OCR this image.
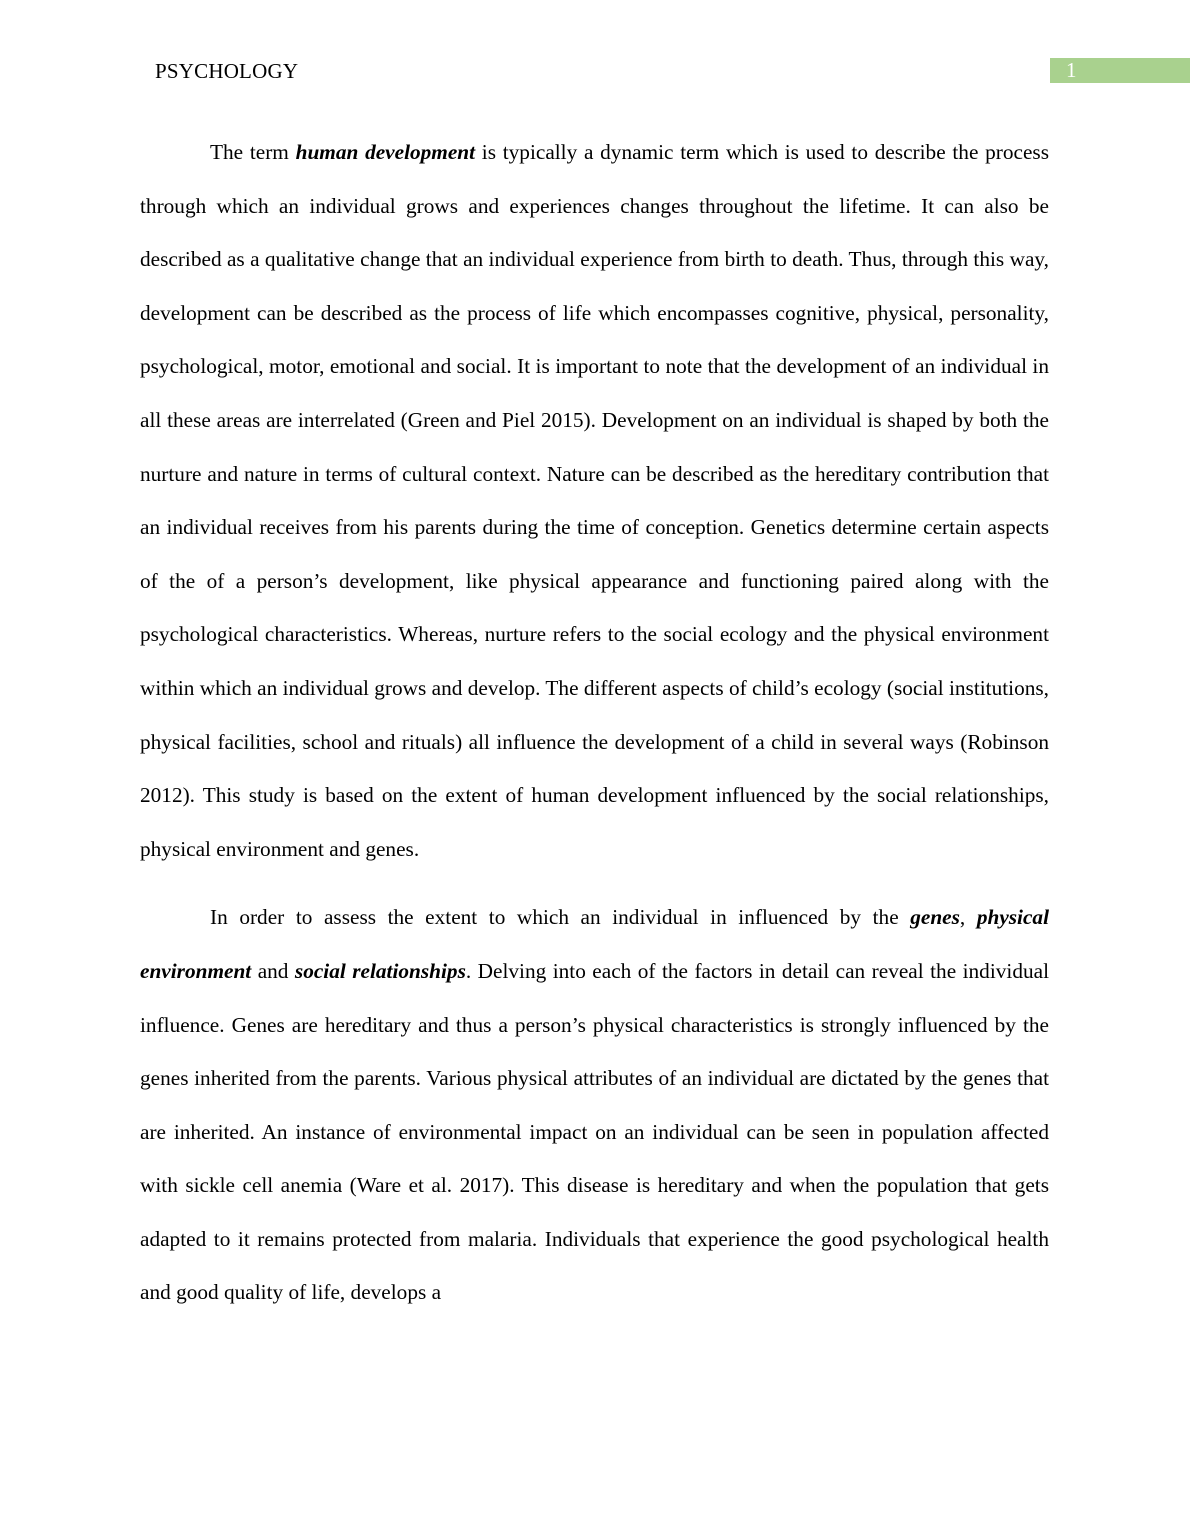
PSYCHOLOGY	1

The term human development is typically a dynamic term which is used to describe the process through which an individual grows and experiences changes throughout the lifetime. It can also be described as a qualitative change that an individual experience from birth to death. Thus, through this way, development can be described as the process of life which encompasses cognitive, physical, personality, psychological, motor, emotional and social. It is important to note that the development of an individual in all these areas are interrelated (Green and Piel 2015). Development on an individual is shaped by both the nurture and nature in terms of cultural context. Nature can be described as the hereditary contribution that an individual receives from his parents during the time of conception. Genetics determine certain aspects of the of a person’s development, like physical appearance and functioning paired along with the psychological characteristics. Whereas, nurture refers to the social ecology and the physical environment within which an individual grows and develop. The different aspects of child’s ecology (social institutions, physical facilities, school and rituals) all influence the development of a child in several ways (Robinson 2012). This study is based on the extent of human development influenced by the social relationships, physical environment and genes.

In order to assess the extent to which an individual in influenced by the genes, physical environment and social relationships. Delving into each of the factors in detail can reveal the individual influence. Genes are hereditary and thus a person’s physical characteristics is strongly influenced by the genes inherited from the parents. Various physical attributes of an individual are dictated by the genes that are inherited. An instance of environmental impact on an individual can be seen in population affected with sickle cell anemia (Ware et al. 2017). This disease is hereditary and when the population that gets adapted to it remains protected from malaria. Individuals that experience the good psychological health and good quality of life, develops a
